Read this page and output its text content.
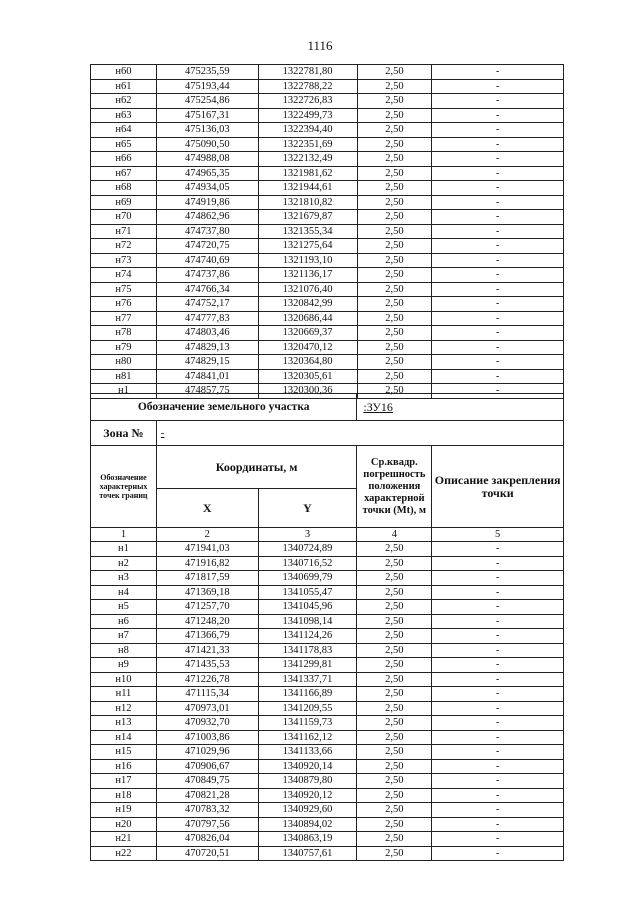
1116
н60	475235,59	1322781,80	2,50	-
н61	475193,44	1322788,22	2,50	-
н62	475254,86	1322726,83	2,50	-
н63	475167,31	1322499,73	2,50	-
н64	475136,03	1322394,40	2,50	-
н65	475090,50	1322351,69	2,50	-
н66	474988,08	1322132,49	2,50	-
н67	474965,35	1321981,62	2,50	-
н68	474934,05	1321944,61	2,50	-
н69	474919,86	1321810,82	2,50	-
н70	474862,96	1321679,87	2,50	-
н71	474737,80	1321355,34	2,50	-
н72	474720,75	1321275,64	2,50	-
н73	474740,69	1321193,10	2,50	-
н74	474737,86	1321136,17	2,50	-
н75	474766,34	1321076,40	2,50	-
н76	474752,17	1320842,99	2,50	-
н77	474777,83	1320686,44	2,50	-
н78	474803,46	1320669,37	2,50	-
н79	474829,13	1320470,12	2,50	-
н80	474829,15	1320364,80	2,50	-
н81	474841,01	1320305,61	2,50	-
н1	474857,75	1320300,36	2,50	-
Обозначение земельного участка			:ЗУ16	
Зона №	-			
Обозначение характерных точек границ	Координаты, м		Ср.квадр. погрешность положения характерной точки (Mt), м	Описание закрепления точки
	X	Y		
1	2	3	4	5
н1	471941,03	1340724,89	2,50	-
н2	471916,82	1340716,52	2,50	-
н3	471817,59	1340699,79	2,50	-
н4	471369,18	1341055,47	2,50	-
н5	471257,70	1341045,96	2,50	-
н6	471248,20	1341098,14	2,50	-
н7	471366,79	1341124,26	2,50	-
н8	471421,33	1341178,83	2,50	-
н9	471435,53	1341299,81	2,50	-
н10	471226,78	1341337,71	2,50	-
н11	471115,34	1341166,89	2,50	-
н12	470973,01	1341209,55	2,50	-
н13	470932,70	1341159,73	2,50	-
н14	471003,86	1341162,12	2,50	-
н15	471029,96	1341133,66	2,50	-
н16	470906,67	1340920,14	2,50	-
н17	470849,75	1340879,80	2,50	-
н18	470821,28	1340920,12	2,50	-
н19	470783,32	1340929,60	2,50	-
н20	470797,56	1340894,02	2,50	-
н21	470826,04	1340863,19	2,50	-
н22	470720,51	1340757,61	2,50	-
